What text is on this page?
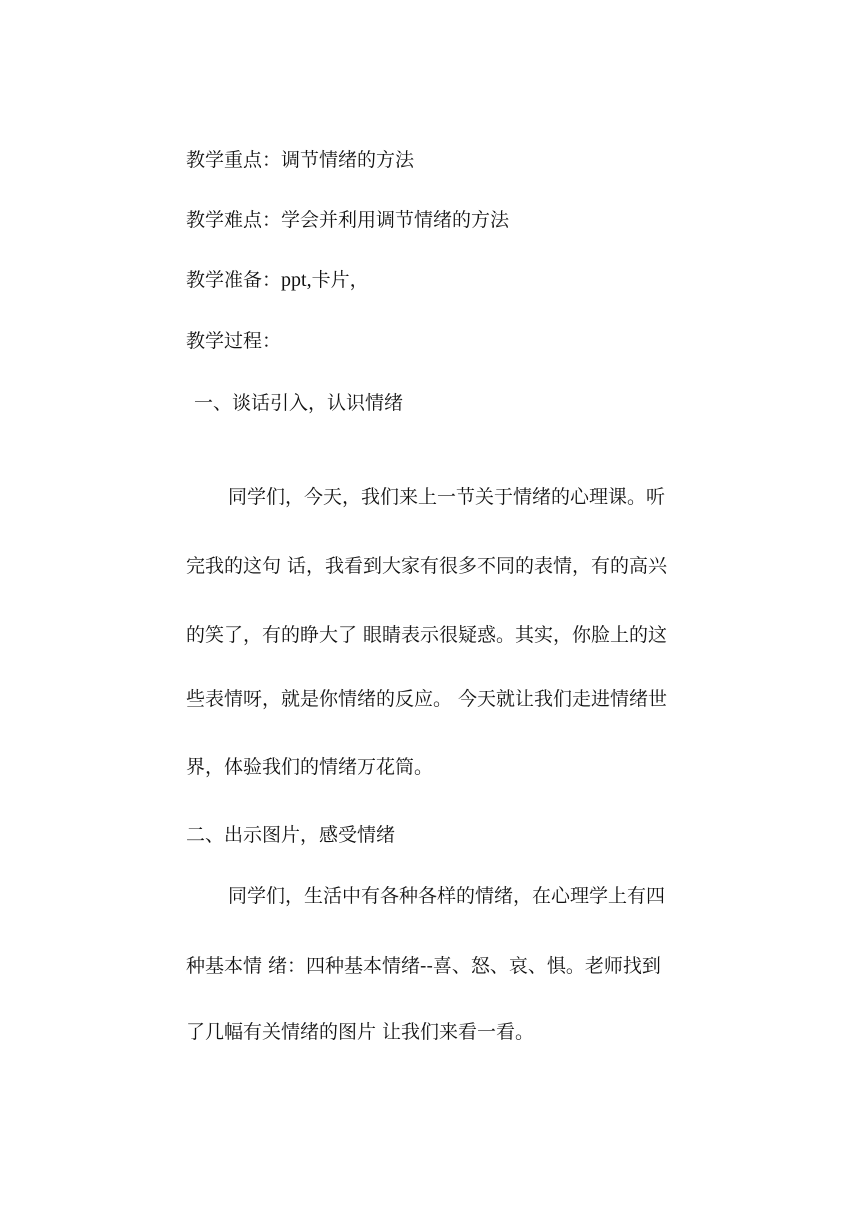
教学重点：调节情绪的方法
教学难点：学会并利用调节情绪的方法
教学准备：ppt,卡片，
教学过程：
一、谈话引入，认识情绪
同学们，今天，我们来上一节关于情绪的心理课。听
完我的这句 话，我看到大家有很多不同的表情，有的高兴
的笑了，有的睁大了 眼睛表示很疑惑。其实，你脸上的这
些表情呀，就是你情绪的反应。 今天就让我们走进情绪世
界，体验我们的情绪万花筒。
二、出示图片，感受情绪
同学们，生活中有各种各样的情绪，在心理学上有四
种基本情 绪：四种基本情绪--喜、怒、哀、惧。老师找到
了几幅有关情绪的图片 让我们来看一看。
